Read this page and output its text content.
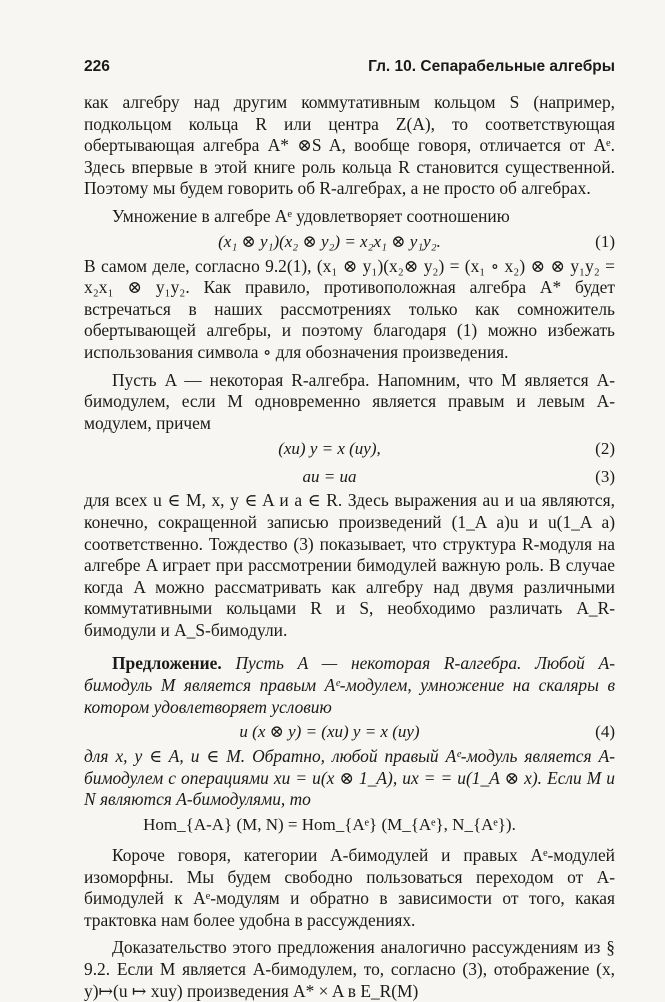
226	Гл. 10. Сепарабельные алгебры

как алгебру над другим коммутативным кольцом S (например, подкольцом кольца R или центра Z(A), то соответствующая обертывающая алгебра A* ⊗S A, вообще говоря, отличается от Aᵉ. Здесь впервые в этой книге роль кольца R становится существенной. Поэтому мы будем говорить об R-алгебрах, а не просто об алгебрах.

Умножение в алгебре Aᵉ удовлетворяет соотношению

(x₁ ⊗ y₁)(x₂ ⊗ y₂) = x₂x₁ ⊗ y₁y₂.	(1)

В самом деле, согласно 9.2(1), (x₁ ⊗ y₁)(x₂⊗ y₂) = (x₁ ∘ x₂) ⊗ ⊗ y₁y₂ = x₂x₁ ⊗ y₁y₂. Как правило, противоположная алгебра A* будет встречаться в наших рассмотрениях только как сомножитель обертывающей алгебры, и поэтому благодаря (1) можно избежать использования символа ∘ для обозначения произведения.

Пусть A — некоторая R-алгебра. Напомним, что M является A-бимодулем, если M одновременно является правым и левым A-модулем, причем

(xu) y = x (uy),	(2)
au = ua	(3)

для всех u ∈ M, x, y ∈ A и a ∈ R. Здесь выражения au и ua являются, конечно, сокращенной записью произведений (1_A a)u и u(1_A a) соответственно. Тождество (3) показывает, что структура R-модуля на алгебре A играет при рассмотрении бимодулей важную роль. В случае когда A можно рассматривать как алгебру над двумя различными коммутативными кольцами R и S, необходимо различать A_R-бимодули и A_S-бимодули.

Предложение. Пусть A — некоторая R-алгебра. Любой A-бимодуль M является правым Aᵉ-модулем, умножение на скаляры в котором удовлетворяет условию

u (x ⊗ y) = (xu) y = x (uy)	(4)

для x, y ∈ A, u ∈ M. Обратно, любой правый Aᵉ-модуль является A-бимодулем с операциями xu = u(x ⊗ 1_A), ux = = u(1_A ⊗ x). Если M и N являются A-бимодулями, то

Hom_{A-A} (M, N) = Hom_{Aᵉ} (M_{Aᵉ}, N_{Aᵉ}).

Короче говоря, категории A-бимодулей и правых Aᵉ-модулей изоморфны. Мы будем свободно пользоваться переходом от A-бимодулей к Aᵉ-модулям и обратно в зависимости от того, какая трактовка нам более удобна в рассуждениях.

Доказательство этого предложения аналогично рассуждениям из § 9.2. Если M является A-бимодулем, то, согласно (3), отображение (x, y)↦(u ↦ xuy) произведения A* × A в E_R(M)
